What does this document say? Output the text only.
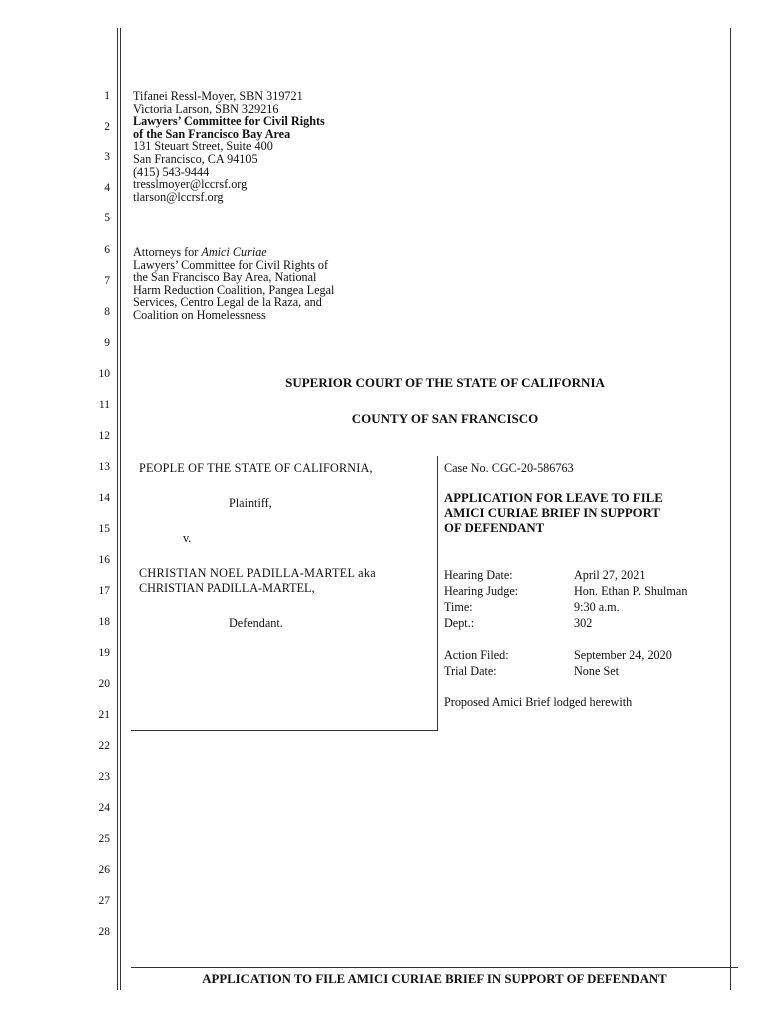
1
2
3
4
5
6
7
8
9
10
11
12
13
14
15
16
17
18
19
20
21
22
23
24
25
26
27
28
Tifanei Ressl-Moyer, SBN 319721
Victoria Larson, SBN 329216
Lawyers’ Committee for Civil Rights
of the San Francisco Bay Area
131 Steuart Street, Suite 400
San Francisco, CA 94105
(415) 543-9444
tresslmoyer@lccrsf.org
tlarson@lccrsf.org
Attorneys for Amici Curiae
Lawyers’ Committee for Civil Rights of
the San Francisco Bay Area, National
Harm Reduction Coalition, Pangea Legal
Services, Centro Legal de la Raza, and
Coalition on Homelessness
SUPERIOR COURT OF THE STATE OF CALIFORNIA
COUNTY OF SAN FRANCISCO
PEOPLE OF THE STATE OF CALIFORNIA,
Plaintiff,
v.
CHRISTIAN NOEL PADILLA-MARTEL aka
CHRISTIAN PADILLA-MARTEL,
Defendant.
Case No. CGC-20-586763
APPLICATION FOR LEAVE TO FILE
AMICI CURIAE BRIEF IN SUPPORT
OF DEFENDANT
Hearing Date:	April 27, 2021
Hearing Judge:	Hon. Ethan P. Shulman
Time:	9:30 a.m.
Dept.:	302
Action Filed:	September 24, 2020
Trial Date:	None Set
Proposed Amici Brief lodged herewith
APPLICATION TO FILE AMICI CURIAE BRIEF IN SUPPORT OF DEFENDANT
